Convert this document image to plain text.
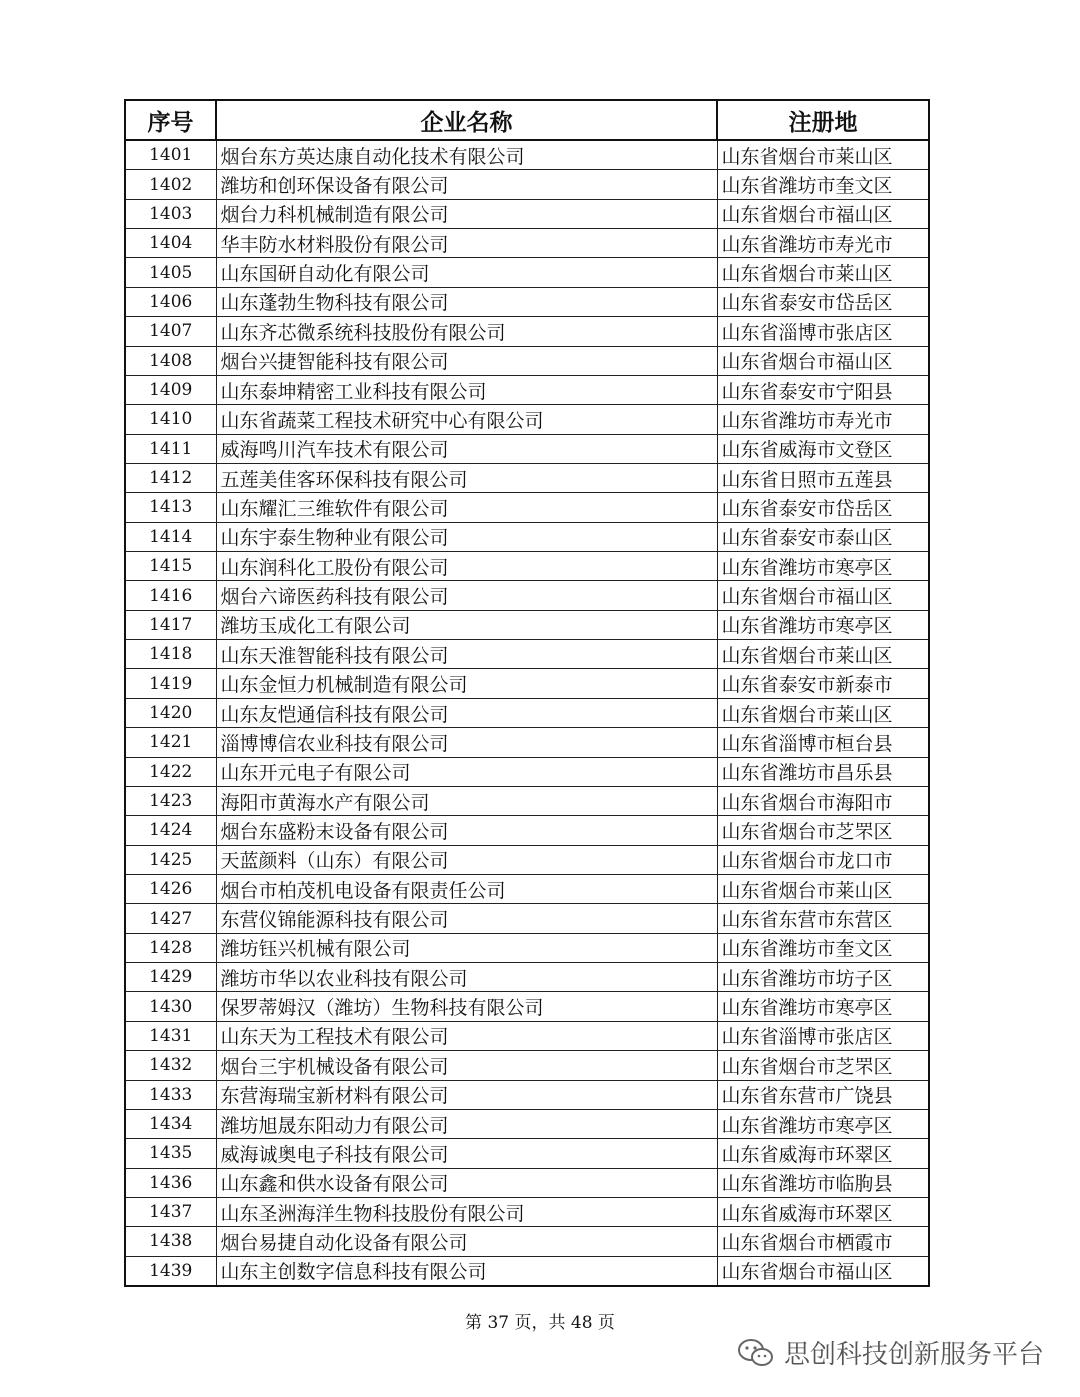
序号	企业名称	注册地
1401	烟台东方英达康自动化技术有限公司	山东省烟台市莱山区
1402	潍坊和创环保设备有限公司	山东省潍坊市奎文区
1403	烟台力科机械制造有限公司	山东省烟台市福山区
1404	华丰防水材料股份有限公司	山东省潍坊市寿光市
1405	山东国研自动化有限公司	山东省烟台市莱山区
1406	山东蓬勃生物科技有限公司	山东省泰安市岱岳区
1407	山东齐芯微系统科技股份有限公司	山东省淄博市张店区
1408	烟台兴捷智能科技有限公司	山东省烟台市福山区
1409	山东泰坤精密工业科技有限公司	山东省泰安市宁阳县
1410	山东省蔬菜工程技术研究中心有限公司	山东省潍坊市寿光市
1411	威海鸣川汽车技术有限公司	山东省威海市文登区
1412	五莲美佳客环保科技有限公司	山东省日照市五莲县
1413	山东耀汇三维软件有限公司	山东省泰安市岱岳区
1414	山东宇泰生物种业有限公司	山东省泰安市泰山区
1415	山东润科化工股份有限公司	山东省潍坊市寒亭区
1416	烟台六谛医药科技有限公司	山东省烟台市福山区
1417	潍坊玉成化工有限公司	山东省潍坊市寒亭区
1418	山东天淮智能科技有限公司	山东省烟台市莱山区
1419	山东金恒力机械制造有限公司	山东省泰安市新泰市
1420	山东友恺通信科技有限公司	山东省烟台市莱山区
1421	淄博博信农业科技有限公司	山东省淄博市桓台县
1422	山东开元电子有限公司	山东省潍坊市昌乐县
1423	海阳市黄海水产有限公司	山东省烟台市海阳市
1424	烟台东盛粉末设备有限公司	山东省烟台市芝罘区
1425	天蓝颜料（山东）有限公司	山东省烟台市龙口市
1426	烟台市柏茂机电设备有限责任公司	山东省烟台市莱山区
1427	东营仪锦能源科技有限公司	山东省东营市东营区
1428	潍坊钰兴机械有限公司	山东省潍坊市奎文区
1429	潍坊市华以农业科技有限公司	山东省潍坊市坊子区
1430	保罗蒂姆汉（潍坊）生物科技有限公司	山东省潍坊市寒亭区
1431	山东天为工程技术有限公司	山东省淄博市张店区
1432	烟台三宇机械设备有限公司	山东省烟台市芝罘区
1433	东营海瑞宝新材料有限公司	山东省东营市广饶县
1434	潍坊旭晟东阳动力有限公司	山东省潍坊市寒亭区
1435	威海诚奥电子科技有限公司	山东省威海市环翠区
1436	山东鑫和供水设备有限公司	山东省潍坊市临朐县
1437	山东圣洲海洋生物科技股份有限公司	山东省威海市环翠区
1438	烟台易捷自动化设备有限公司	山东省烟台市栖霞市
1439	山东主创数字信息科技有限公司	山东省烟台市福山区
第 37 页，共 48 页
思创科技创新服务平台
